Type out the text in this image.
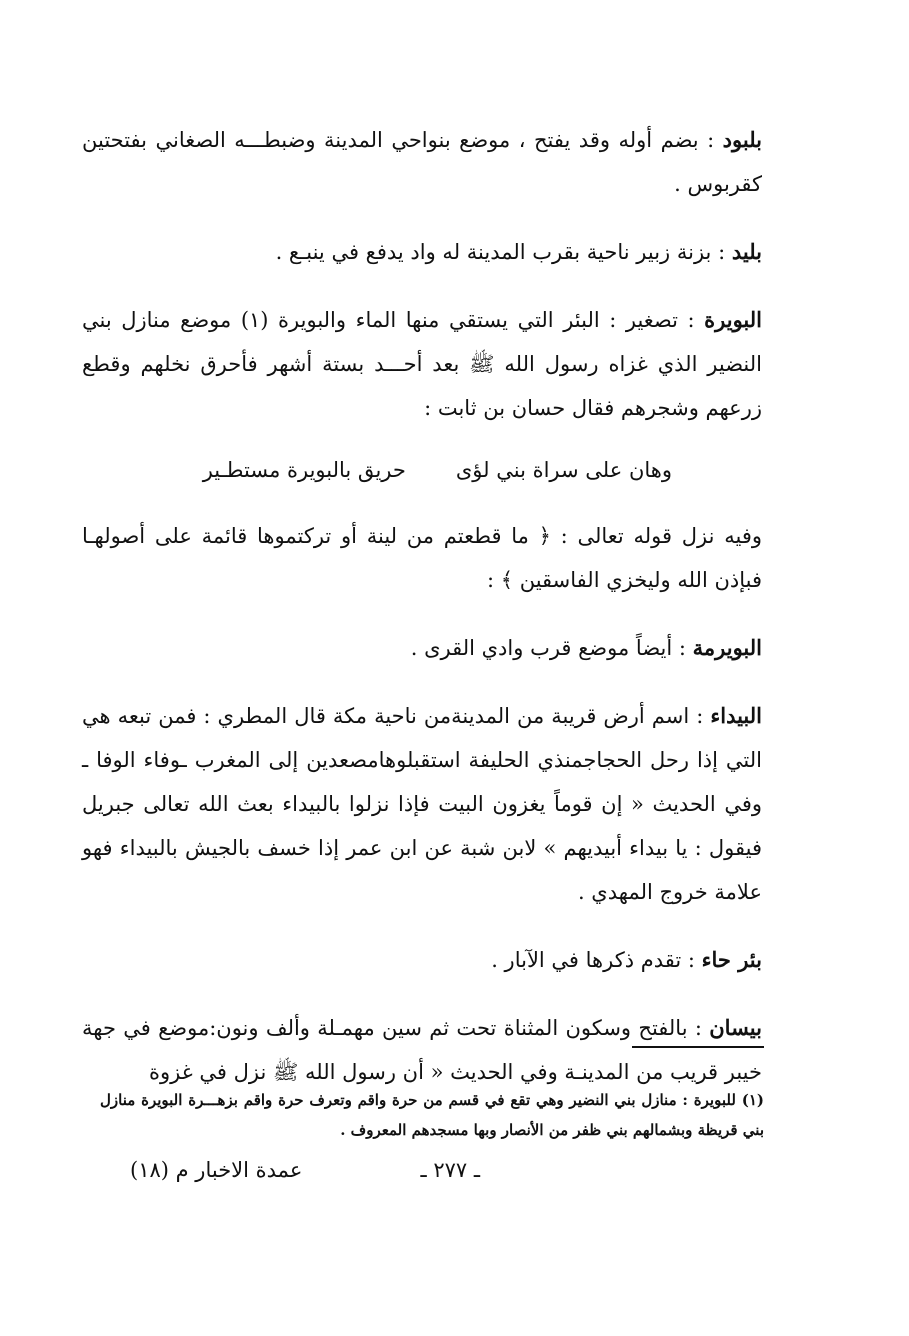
بلبود : بضم أوله وقد يفتح ، موضع بنواحي المدينة وضبطـــه الصغاني بفتحتين كقربوس .

بليد : بزنة زبير ناحية بقرب المدينة له واد يدفع في ينبـع .

البويرة : تصغير : البئر التي يستقي منها الماء والبويرة (١) موضع منازل بني النضير الذي غزاه رسول الله ﷺ بعد أحـــد بستة أشهر فأحرق نخلهم وقطع زرعهم وشجرهم فقال حسان بن ثابت :

وهان على سراة بني لؤى
حريق بالبويرة مستطـير

وفيه نزل قوله تعالى : ﴿ ما قطعتم من لينة أو تركتموها قائمة على أصولهـا فبإذن الله وليخزي الفاسقين ﴾ :

البويرمة : أيضاً موضع قرب وادي القرى .

البيداء : اسم أرض قريبة من المدينةمن ناحية مكة قال المطري : فمن تبعه هي التي إذا رحل الحجاجمنذي الحليفة استقبلوهامصعدين إلى المغرب ـوفاء الوفا ـ وفي الحديث « إن قوماً يغزون البيت فإذا نزلوا بالبيداء بعث الله تعالى جبريل فيقول : يا بيداء أبيديهم » لابن شبة عن ابن عمر إذا خسف بالجيش بالبيداء فهو علامة خروج المهدي .

بئر حاء : تقدم ذكرها في الآبار .

بيسان : بالفتح وسكون المثناة تحت ثم سين مهمـلة وألف ونون:موضع في جهة خيبر قريب من المدينـة وفي الحديث « أن رسول الله ﷺ نزل في غزوة

(١) للبويرة : منازل بني النضير وهي تقع في قسم من حرة واقم وتعرف حرة واقم بزهـــرة البويرة منازل بني قريظة وبشمالهم بني ظفر من الأنصار وبها مسجدهم المعروف .

ـ ٢٧٧ ـ
عمدة الاخبار م (١٨)
